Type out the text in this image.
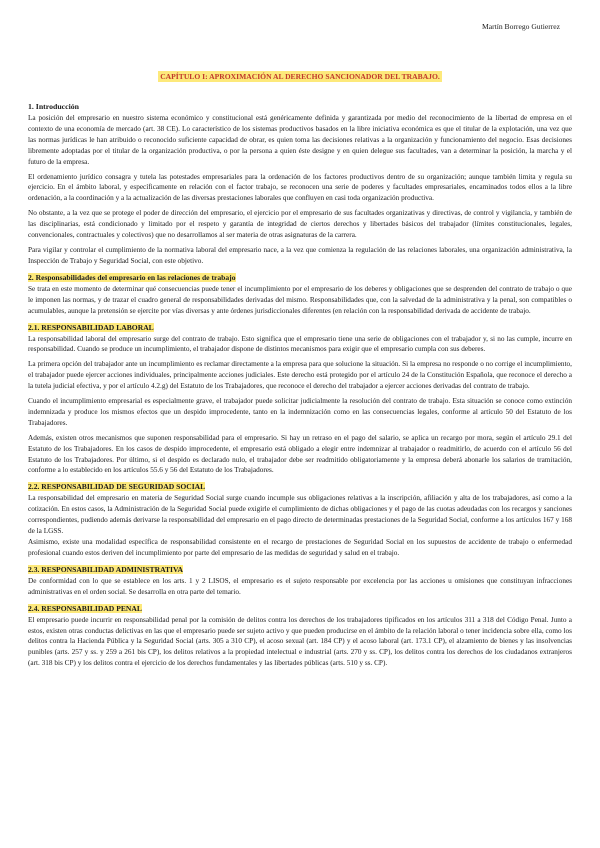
Martín Borrego Gutierrez
CAPÍTULO I: APROXIMACIÓN AL DERECHO SANCIONADOR DEL TRABAJO.
1. Introducción

La posición del empresario en nuestro sistema económico y constitucional está genéricamente definida y garantizada por medio del reconocimiento de la libertad de empresa en el contexto de una economía de mercado (art. 38 CE). Lo característico de los sistemas productivos basados en la libre iniciativa económica es que el titular de la explotación, una vez que las normas jurídicas le han atribuido o reconocido suficiente capacidad de obrar, es quien toma las decisiones relativas a la organización y funcionamiento del negocio. Esas decisiones libremente adoptadas por el titular de la organización productiva, o por la persona a quien éste designe y en quien delegue sus facultades, van a determinar la posición, la marcha y el futuro de la empresa.

El ordenamiento jurídico consagra y tutela las potestades empresariales para la ordenación de los factores productivos dentro de su organización; aunque también limita y regula su ejercicio. En el ámbito laboral, y específicamente en relación con el factor trabajo, se reconocen una serie de poderes y facultades empresariales, encaminados todos ellos a la libre ordenación, a la coordinación y a la actualización de las diversas prestaciones laborales que confluyen en casi toda organización productiva.

No obstante, a la vez que se protege el poder de dirección del empresario, el ejercicio por el empresario de sus facultades organizativas y directivas, de control y vigilancia, y también de las disciplinarias, está condicionado y limitado por el respeto y garantía de integridad de ciertos derechos y libertades básicos del trabajador (límites constitucionales, legales, convencionales, contractuales y colectivos) que no desarrollamos al ser materia de otras asignaturas de la carrera.

Para vigilar y controlar el cumplimiento de la normativa laboral del empresario nace, a la vez que comienza la regulación de las relaciones laborales, una organización administrativa, la Inspección de Trabajo y Seguridad Social, con este objetivo.

2. Responsabilidades del empresario en las relaciones de trabajo

Se trata en este momento de determinar qué consecuencias puede tener el incumplimiento por el empresario de los deberes y obligaciones que se desprenden del contrato de trabajo o que le imponen las normas, y de trazar el cuadro general de responsabilidades derivadas del mismo. Responsabilidades que, con la salvedad de la administrativa y la penal, son compatibles o acumulables, aunque la pretensión se ejercite por vías diversas y ante órdenes jurisdiccionales diferentes (en relación con la responsabilidad derivada de accidente de trabajo.

2.1. RESPONSABILIDAD LABORAL

La responsabilidad laboral del empresario surge del contrato de trabajo. Esto significa que el empresario tiene una serie de obligaciones con el trabajador y, si no las cumple, incurre en responsabilidad. Cuando se produce un incumplimiento, el trabajador dispone de distintos mecanismos para exigir que el empresario cumpla con sus deberes.

La primera opción del trabajador ante un incumplimiento es reclamar directamente a la empresa para que solucione la situación. Si la empresa no responde o no corrige el incumplimiento, el trabajador puede ejercer acciones individuales, principalmente acciones judiciales. Este derecho está protegido por el artículo 24 de la Constitución Española, que reconoce el derecho a la tutela judicial efectiva, y por el artículo 4.2.g) del Estatuto de los Trabajadores, que reconoce el derecho del trabajador a ejercer acciones derivadas del contrato de trabajo.

Cuando el incumplimiento empresarial es especialmente grave, el trabajador puede solicitar judicialmente la resolución del contrato de trabajo. Esta situación se conoce como extinción indemnizada y produce los mismos efectos que un despido improcedente, tanto en la indemnización como en las consecuencias legales, conforme al artículo 50 del Estatuto de los Trabajadores.

Además, existen otros mecanismos que suponen responsabilidad para el empresario. Si hay un retraso en el pago del salario, se aplica un recargo por mora, según el artículo 29.1 del Estatuto de los Trabajadores. En los casos de despido improcedente, el empresario está obligado a elegir entre indemnizar al trabajador o readmitirlo, de acuerdo con el artículo 56 del Estatuto de los Trabajadores. Por último, si el despido es declarado nulo, el trabajador debe ser readmitido obligatoriamente y la empresa deberá abonarle los salarios de tramitación, conforme a lo establecido en los artículos 55.6 y 56 del Estatuto de los Trabajadores.

2.2. RESPONSABILIDAD DE SEGURIDAD SOCIAL

La responsabilidad del empresario en materia de Seguridad Social surge cuando incumple sus obligaciones relativas a la inscripción, afiliación y alta de los trabajadores, así como a la cotización. En estos casos, la Administración de la Seguridad Social puede exigirle el cumplimiento de dichas obligaciones y el pago de las cuotas adeudadas con los recargos y sanciones correspondientes, pudiendo además derivarse la responsabilidad del empresario en el pago directo de determinadas prestaciones de la Seguridad Social, conforme a los artículos 167 y 168 de la LGSS.

Asimismo, existe una modalidad específica de responsabilidad consistente en el recargo de prestaciones de Seguridad Social en los supuestos de accidente de trabajo o enfermedad profesional cuando estos deriven del incumplimiento por parte del empresario de las medidas de seguridad y salud en el trabajo.

2.3. RESPONSABILIDAD ADMINISTRATIVA

De conformidad con lo que se establece en los arts. 1 y 2 LISOS, el empresario es el sujeto responsable por excelencia por las acciones u omisiones que constituyan infracciones administrativas en el orden social. Se desarrolla en otra parte del temario.

2.4. RESPONSABILIDAD PENAL

El empresario puede incurrir en responsabilidad penal por la comisión de delitos contra los derechos de los trabajadores tipificados en los artículos 311 a 318 del Código Penal. Junto a estos, existen otras conductas delictivas en las que el empresario puede ser sujeto activo y que pueden producirse en el ámbito de la relación laboral o tener incidencia sobre ella, como los delitos contra la Hacienda Pública y la Seguridad Social (arts. 305 a 310 CP), el acoso sexual (art. 184 CP) y el acoso laboral (art. 173.1 CP), el alzamiento de bienes y las insolvencias punibles (arts. 257 y ss. y 259 a 261 bis CP), los delitos relativos a la propiedad intelectual e industrial (arts. 270 y ss. CP), los delitos contra los derechos de los ciudadanos extranjeros (art. 318 bis CP) y los delitos contra el ejercicio de los derechos fundamentales y las libertades públicas (arts. 510 y ss. CP).
